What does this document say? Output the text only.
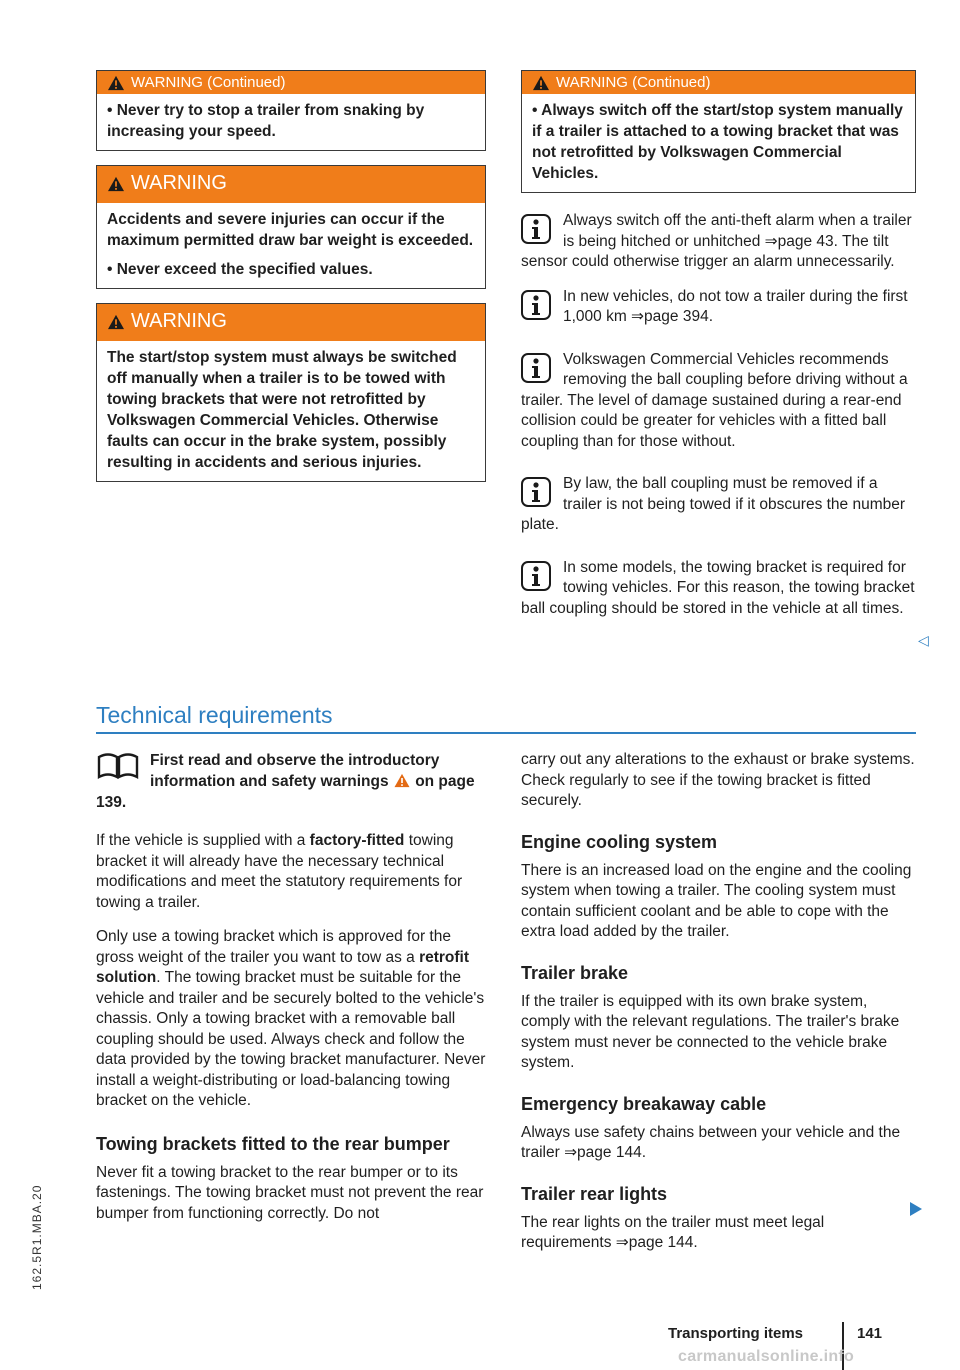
WARNING (Continued)

• Never try to stop a trailer from snaking by increasing your speed.

WARNING

Accidents and severe injuries can occur if the maximum permitted draw bar weight is exceeded.

• Never exceed the specified values.

WARNING

The start/stop system must always be switched off manually when a trailer is to be towed with towing brackets that were not retrofitted by Volkswagen Commercial Vehicles. Otherwise faults can occur in the brake system, possibly resulting in accidents and serious injuries.

WARNING (Continued)

• Always switch off the start/stop system manually if a trailer is attached to a towing bracket that was not retrofitted by Volkswagen Commercial Vehicles.

Always switch off the anti-theft alarm when a trailer is being hitched or unhitched ⇒page 43. The tilt sensor could otherwise trigger an alarm unnecessarily.
In new vehicles, do not tow a trailer during the first 1,000 km ⇒page 394.
Volkswagen Commercial Vehicles recommends removing the ball coupling before driving without a trailer. The level of damage sustained during a rear-end collision could be greater for vehicles with a fitted ball coupling than for those without.
By law, the ball coupling must be removed if a trailer is not being towed if it obscures the number plate.
In some models, the towing bracket is required for towing vehicles. For this reason, the towing bracket ball coupling should be stored in the vehicle at all times.
◁
Technical requirements
First read and observe the introductory information and safety warnings on page 139.

If the vehicle is supplied with a factory-fitted towing bracket it will already have the necessary technical modifications and meet the statutory requirements for towing a trailer.

Only use a towing bracket which is approved for the gross weight of the trailer you want to tow as a retrofit solution. The towing bracket must be suitable for the vehicle and trailer and be securely bolted to the vehicle's chassis. Only a towing bracket with a removable ball coupling should be used. Always check and follow the data provided by the towing bracket manufacturer. Never install a weight-distributing or load-balancing towing bracket on the vehicle.

Towing brackets fitted to the rear bumper

Never fit a towing bracket to the rear bumper or to its fastenings. The towing bracket must not prevent the rear bumper from functioning correctly. Do not

carry out any alterations to the exhaust or brake systems. Check regularly to see if the towing bracket is fitted securely.

Engine cooling system

There is an increased load on the engine and the cooling system when towing a trailer. The cooling system must contain sufficient coolant and be able to cope with the extra load added by the trailer.

Trailer brake

If the trailer is equipped with its own brake system, comply with the relevant regulations. The trailer's brake system must never be connected to the vehicle brake system.

Emergency breakaway cable

Always use safety chains between your vehicle and the trailer ⇒page 144.

Trailer rear lights

The rear lights on the trailer must meet legal requirements ⇒page 144.

162.5R1.MBA.20
Transporting items	141
carmanualsonline.info
